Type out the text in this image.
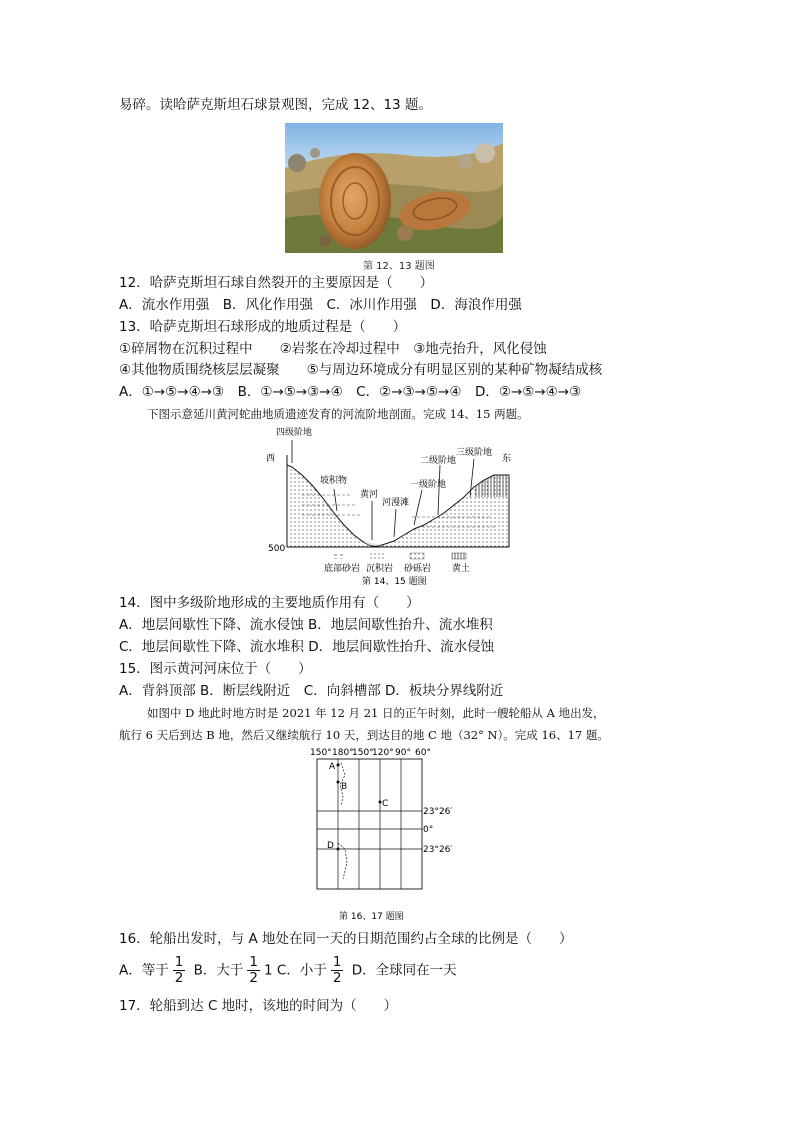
易碎。读哈萨克斯坦石球景观图，完成 12、13 题。
第 12、13 题图
12．哈萨克斯坦石球自然裂开的主要原因是（　　）
A．流水作用强　B．风化作用强　C．冰川作用强　D．海浪作用强
13．哈萨克斯坦石球形成的地质过程是（　　）
①碎屑物在沉积过程中　　②岩浆在冷却过程中　③地壳抬升，风化侵蚀
④其他物质围绕核层层凝聚　　⑤与周边环境成分有明显区别的某种矿物凝结成核
A．①→⑤→④→③　B．①→⑤→③→④　C．②→③→⑤→④　D．②→⑤→④→③
下图示意延川黄河蛇曲地质遗迹发育的河流阶地剖面。完成 14、15 两题。
四级阶地
西	东
坡积物
黄河
河漫滩
一级阶地
二级阶地
三级阶地
500
底部砂岩 沉积岩 砂砾岩 黄土
第 14、15 题图
14．图中多级阶地形成的主要地质作用有（　　）
A．地层间歇性下降、流水侵蚀 B．地层间歇性抬升、流水堆积
C．地层间歇性下降、流水堆积 D．地层间歇性抬升、流水侵蚀
15．图示黄河河床位于（　　）
A．背斜顶部 B．断层线附近　C．向斜槽部 D．板块分界线附近
如图中 D 地此时地方时是 2021 年 12 月 21 日的正午时刻，此时一艘轮船从 A 地出发，
航行 6 天后到达 B 地，然后又继续航行 10 天，到达目的地 C 地（32° N）。完成 16、17 题。
150° 180°
150°
120° 90° 60°
23°26′
0°
23°26′
A
B
C
D
第 16、17 题图
16．轮船出发时，与 A 地处在同一天的日期范围约占全球的比例是（　　）
A．等于 $\frac{1}{2}$ B．大于 $\frac{1}{2} 1$ C．小于 $\frac{1}{2}$ D．全球同在一天
17．轮船到达 C 地时，该地的时间为（　　）
